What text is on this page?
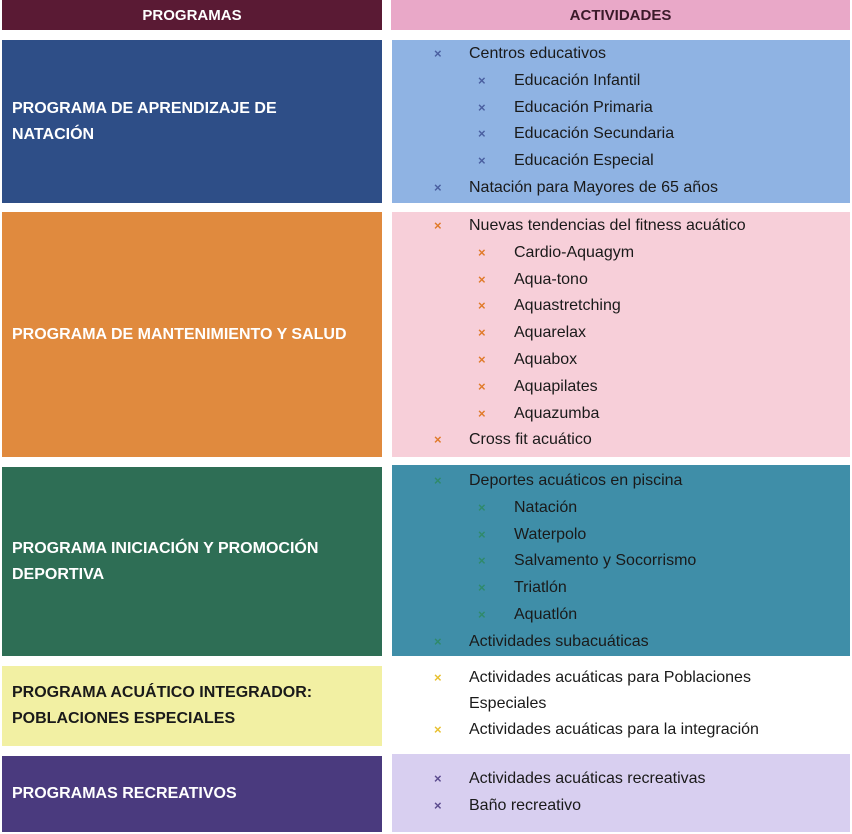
PROGRAMAS	ACTIVIDADES
PROGRAMA DE APRENDIZAJE DE NATACIÓN
× Centros educativos
× Educación Infantil
× Educación Primaria
× Educación Secundaria
× Educación Especial
× Natación para Mayores de 65 años
PROGRAMA DE MANTENIMIENTO Y SALUD
× Nuevas tendencias del fitness acuático
× Cardio-Aquagym
× Aqua-tono
× Aquastretching
× Aquarelax
× Aquabox
× Aquapilates
× Aquazumba
× Cross fit acuático
PROGRAMA INICIACIÓN Y PROMOCIÓN DEPORTIVA
× Deportes acuáticos en piscina
× Natación
× Waterpolo
× Salvamento y Socorrismo
× Triatlón
× Aquatlón
× Actividades subacuáticas
PROGRAMA ACUÁTICO INTEGRADOR: POBLACIONES ESPECIALES
× Actividades acuáticas para Poblaciones Especiales
× Actividades acuáticas para la integración
PROGRAMAS RECREATIVOS
× Actividades acuáticas recreativas
× Baño recreativo
